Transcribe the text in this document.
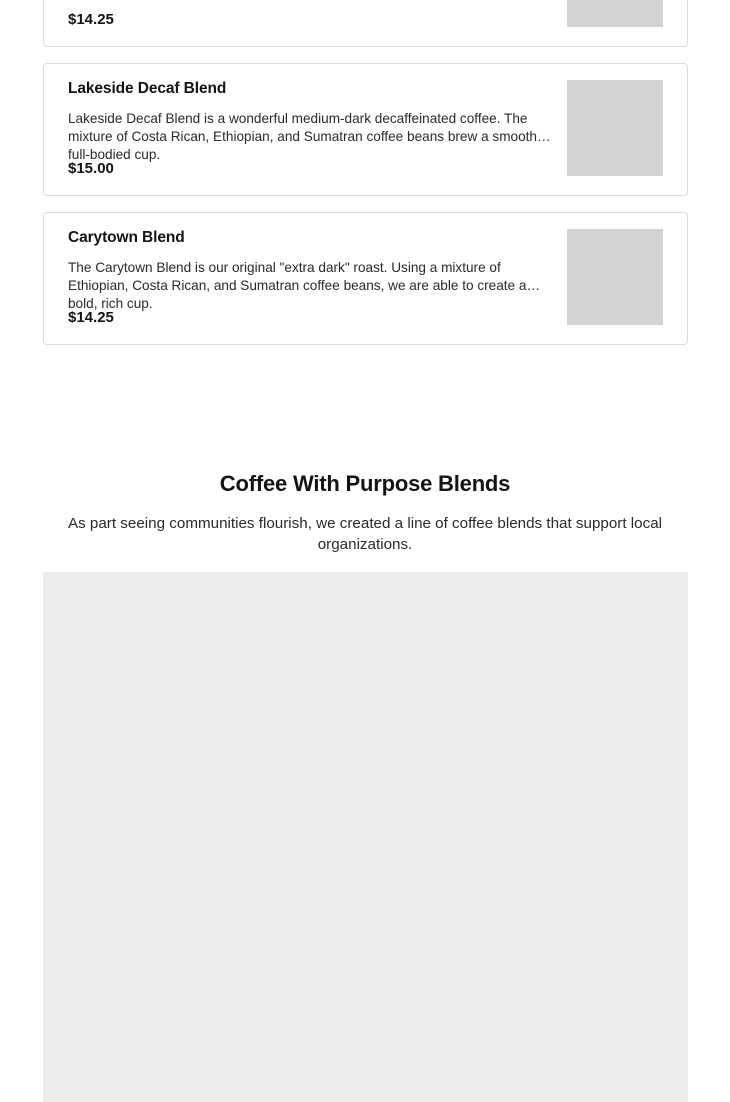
$14.25
Lakeside Decaf Blend
Lakeside Decaf Blend is a wonderful medium-dark decaffeinated coffee. The mixture of Costa Rican, Ethiopian, and Sumatran coffee beans brew a smooth, full-bodied cup.
$15.00
Carytown Blend
The Carytown Blend is our original "extra dark" roast. Using a mixture of Ethiopian, Costa Rican, and Sumatran coffee beans, we are able to create a bold, rich cup.
$14.25
Coffee With Purpose Blends

As part seeing communities flourish, we created a line of coffee blends that support local organizations.
